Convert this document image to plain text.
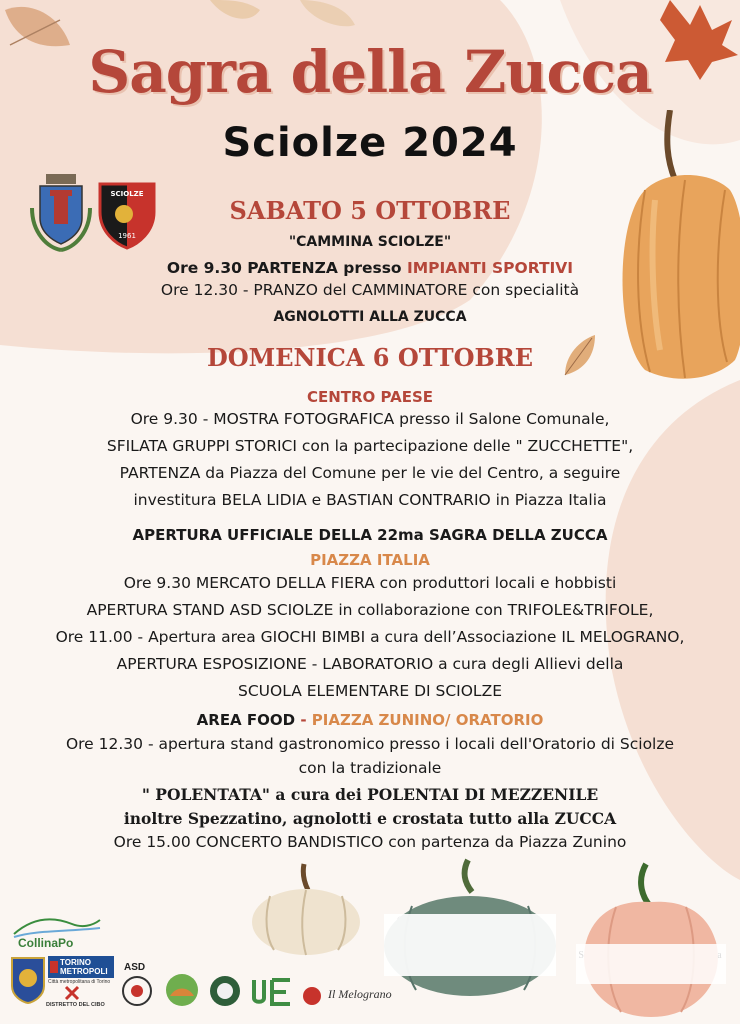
SCIOLZE
1961
Sagra della Zucca
Sciolze 2024
SABATO 5 OTTOBRE
"CAMMINA SCIOLZE"
Ore 9.30 PARTENZA presso IMPIANTI SPORTIVI
Ore 12.30 - PRANZO del CAMMINATORE con specialità
AGNOLOTTI ALLA ZUCCA
DOMENICA 6 OTTOBRE
CENTRO PAESE
Ore 9.30 - MOSTRA FOTOGRAFICA presso il Salone Comunale,
SFILATA GRUPPI STORICI con la partecipazione delle " ZUCCHETTE",
PARTENZA da Piazza del Comune per le vie del Centro, a seguire
investitura BELA LIDIA e BASTIAN CONTRARIO in Piazza Italia
APERTURA UFFICIALE DELLA 22ma SAGRA DELLA ZUCCA
PIAZZA ITALIA
Ore 9.30 MERCATO DELLA FIERA con produttori locali e hobbisti
APERTURA STAND ASD SCIOLZE in collaborazione con TRIFOLE&TRIFOLE,
Ore 11.00 - Apertura area GIOCHI BIMBI a cura dell’Associazione IL MELOGRANO,
APERTURA ESPOSIZIONE - LABORATORIO a cura degli Allievi della
SCUOLA ELEMENTARE DI SCIOLZE
AREA FOOD - PIAZZA ZUNINO/ ORATORIO
Ore 12.30 - apertura stand gastronomico presso i locali dell'Oratorio di Sciolze
con la tradizionale
" POLENTATA" a cura dei POLENTAI DI MEZZENILE
inoltre Spezzatino, agnolotti e crostata tutto alla ZUCCA
Ore 15.00 CONCERTO BANDISTICO con partenza da Piazza Zunino
CollinaPo
TORINO METROPOLI
Città metropolitana di Torino
DISTRETTO DEL CIBO
ASD
Il Melograno
